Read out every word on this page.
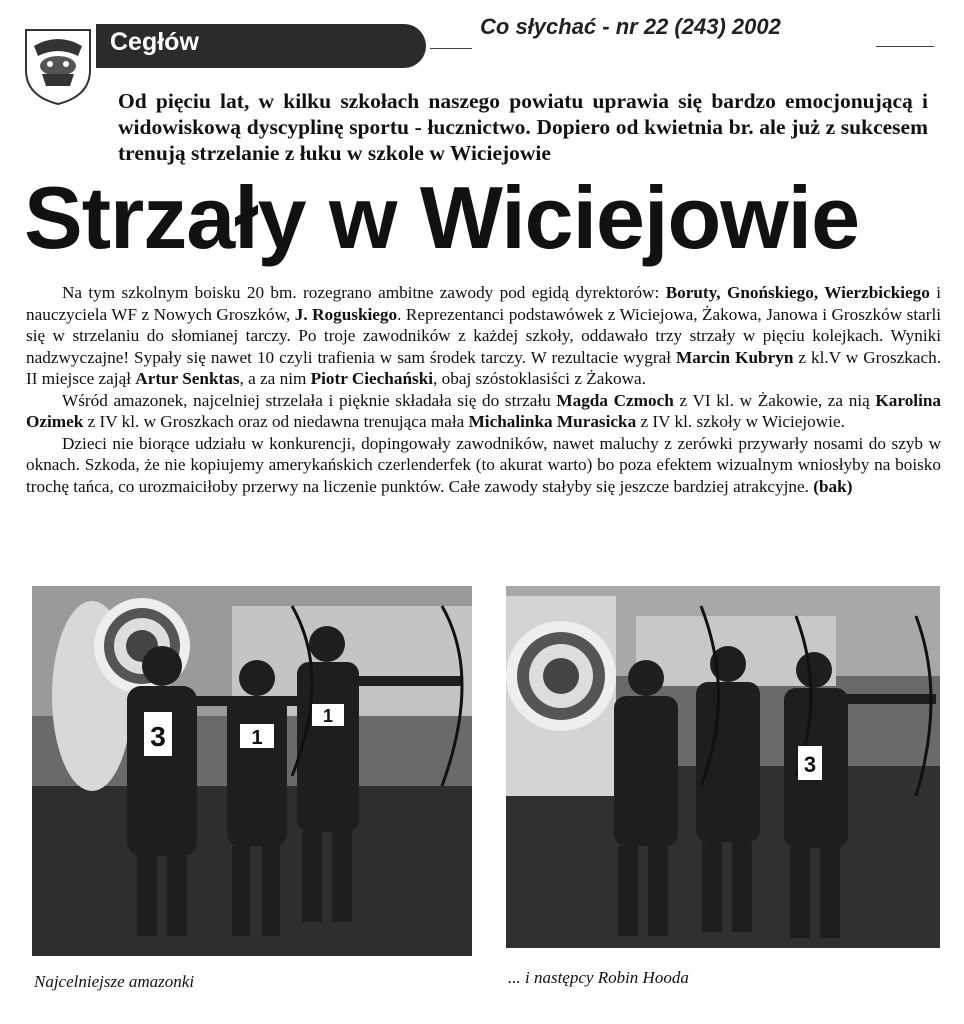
Cegłów
Co słychać - nr 22 (243) 2002
Od pięciu lat, w kilku szkołach naszego powiatu uprawia się bardzo emocjonującą i widowiskową dyscyplinę sportu - łucznictwo. Dopiero od kwietnia br. ale już z sukcesem trenują strzelanie z łuku w szkole w Wiciejowie
Strzały w Wiciejowie

Na tym szkolnym boisku 20 bm. rozegrano ambitne zawody pod egidą dyrektorów: Boruty, Gnońskiego, Wierzbickiego i nauczyciela WF z Nowych Groszków, J. Roguskiego. Reprezentanci podstawówek z Wiciejowa, Żakowa, Janowa i Groszków starli się w strzelaniu do słomianej tarczy. Po troje zawodników z każdej szkoły, oddawało trzy strzały w pięciu kolejkach. Wyniki nadzwyczajne! Sypały się nawet 10 czyli trafienia w sam środek tarczy. W rezultacie wygrał Marcin Kubryn z kl.V w Groszkach. II miejsce zajął Artur Senktas, a za nim Piotr Ciechański, obaj szóstoklasiści z Żakowa.

Wśród amazonek, najcelniej strzelała i pięknie składała się do strzału Magda Czmoch z VI kl. w Żakowie, za nią Karolina Ozimek z IV kl. w Groszkach oraz od niedawna trenująca mała Michalinka Murasicka z IV kl. szkoły w Wiciejowie.

Dzieci nie biorące udziału w konkurencji, dopingowały zawodników, nawet maluchy z zerówki przywarły nosami do szyb w oknach. Szkoda, że nie kopiujemy amerykańskich czerlenderfek (to akurat warto) bo poza efektem wizualnym wniosłyby na boisko trochę tańca, co urozmaiciłoby przerwy na liczenie punktów. Całe zawody stałyby się jeszcze bardziej atrakcyjne. (bak)

3	1
1
Najcelniejsze amazonki
3
... i następcy Robin Hooda
